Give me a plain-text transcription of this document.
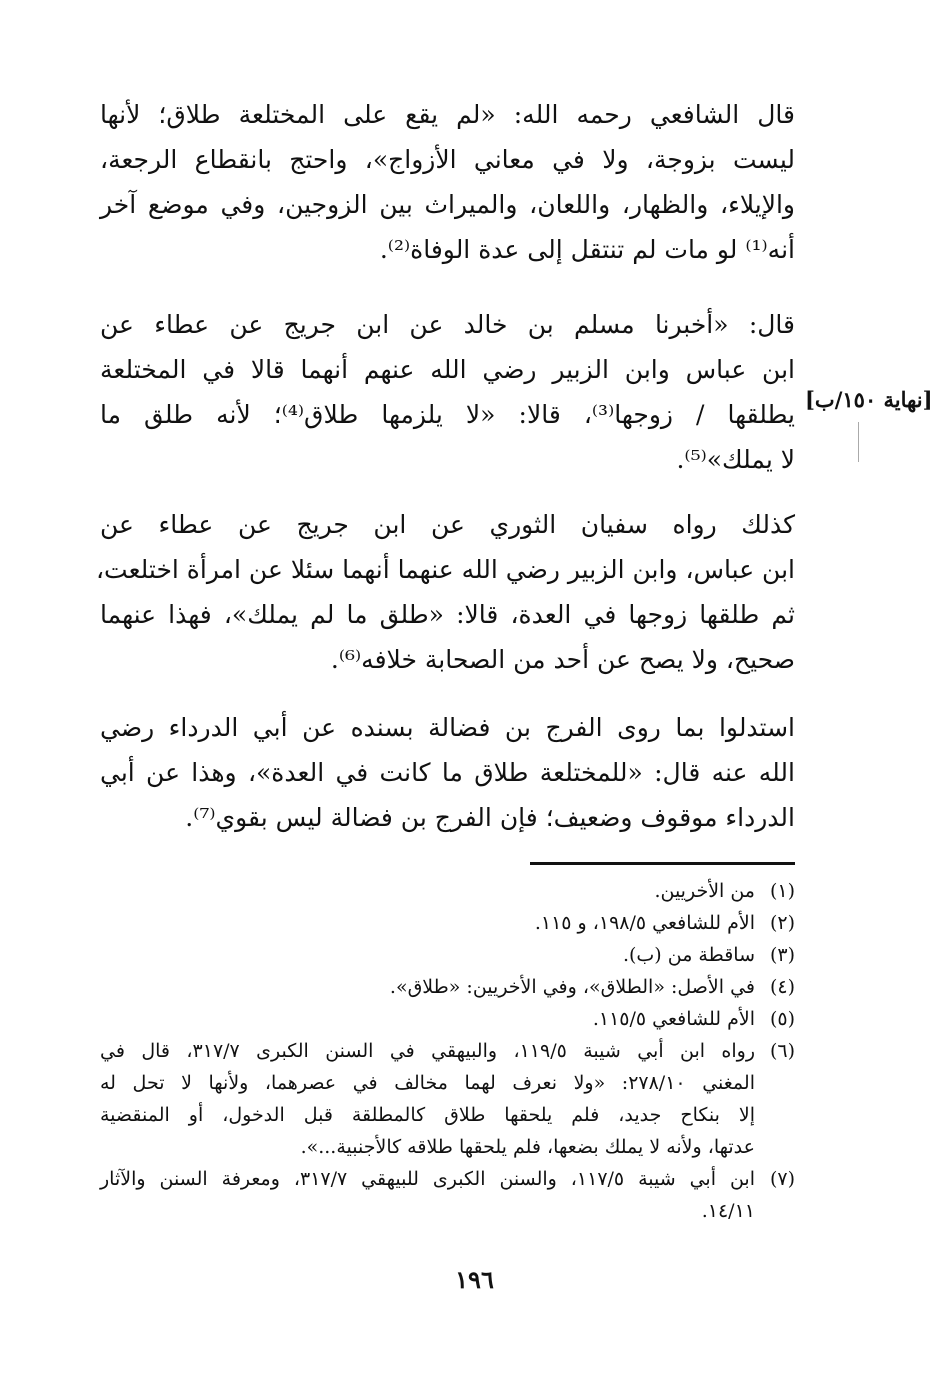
قال الشافعي رحمه الله: «لم يقع على المختلعة طلاق؛ لأنها
ليست بزوجة، ولا في معاني الأزواج»، واحتج بانقطاع الرجعة،
والإيلاء، والظهار، واللعان، والميراث بين الزوجين، وفي موضع آخر
أنه⁽¹⁾ لو مات لم تنتقل إلى عدة الوفاة⁽²⁾.
قال: «أخبرنا مسلم بن خالد عن ابن جريج عن عطاء عن
ابن عباس وابن الزبير رضي الله عنهم أنهما قالا في المختلعة
يطلقها / زوجها⁽³⁾، قالا: «لا يلزمها طلاق⁽⁴⁾؛ لأنه طلق ما
لا يملك»⁽⁵⁾.
[نهاية ١٥٠/ب]
كذلك رواه سفيان الثوري عن ابن جريج عن عطاء عن
ابن عباس، وابن الزبير رضي الله عنهما أنهما سئلا عن امرأة اختلعت،
ثم طلقها زوجها في العدة، قالا: «طلق ما لم يملك»، فهذا عنهما
صحيح، ولا يصح عن أحد من الصحابة خلافه⁽⁶⁾.
استدلوا بما روى الفرج بن فضالة بسنده عن أبي الدرداء رضي
الله عنه قال: «للمختلعة طلاق ما كانت في العدة»، وهذا عن أبي
الدرداء موقوف وضعيف؛ فإن الفرج بن فضالة ليس بقوي⁽⁷⁾.
(١)
من الأخريين.
(٢)
الأم للشافعي ١٩٨/٥، و ١١٥.
(٣)
ساقطة من (ب).
(٤)
في الأصل: «الطلاق»، وفي الأخريين: «طلاق».
(٥)
الأم للشافعي ١١٥/٥.
(٦)
رواه ابن أبي شيبة ١١٩/٥، والبيهقي في السنن الكبرى ٣١٧/٧، قال في
المغني ٢٧٨/١٠: «ولا نعرف لهما مخالف في عصرهما، ولأنها لا تحل له
إلا بنكاح جديد، فلم يلحقها طلاق كالمطلقة قبل الدخول، أو المنقضية
عدتها، ولأنه لا يملك بضعها، فلم يلحقها طلاقه كالأجنبية...».
(٧)
ابن أبي شيبة ١١٧/٥، والسنن الكبرى للبيهقي ٣١٧/٧، ومعرفة السنن والآثار
١٤/١١.
١٩٦
